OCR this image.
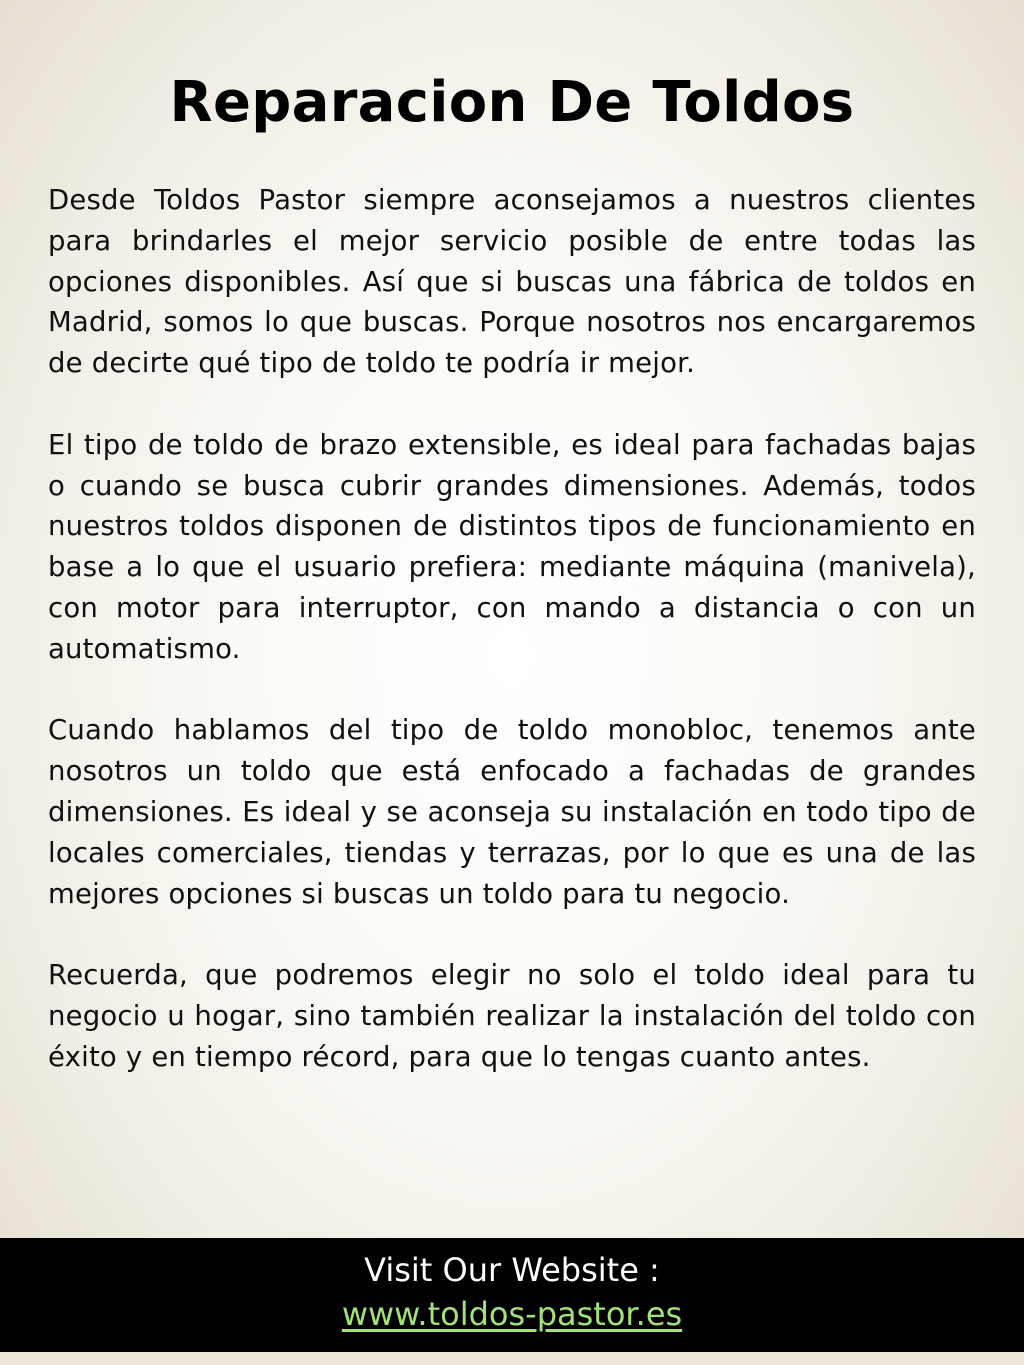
Reparacion De Toldos

Desde Toldos Pastor siempre aconsejamos a nuestros clientes para brindarles el mejor servicio posible de entre todas las opciones disponibles. Así que si buscas una fábrica de toldos en Madrid, somos lo que buscas. Porque nosotros nos encargaremos de decirte qué tipo de toldo te podría ir mejor.

El tipo de toldo de brazo extensible, es ideal para fachadas bajas o cuando se busca cubrir grandes dimensiones. Además, todos nuestros toldos disponen de distintos tipos de funcionamiento en base a lo que el usuario prefiera: mediante máquina (manivela), con motor para interruptor, con mando a distancia o con un automatismo.

Cuando hablamos del tipo de toldo monobloc, tenemos ante nosotros un toldo que está enfocado a fachadas de grandes dimensiones. Es ideal y se aconseja su instalación en todo tipo de locales comerciales, tiendas y terrazas, por lo que es una de las mejores opciones si buscas un toldo para tu negocio.

Recuerda, que podremos elegir no solo el toldo ideal para tu negocio u hogar, sino también realizar la instalación del toldo con éxito y en tiempo récord, para que lo tengas cuanto antes.

Visit Our Website :
www.toldos-pastor.es
